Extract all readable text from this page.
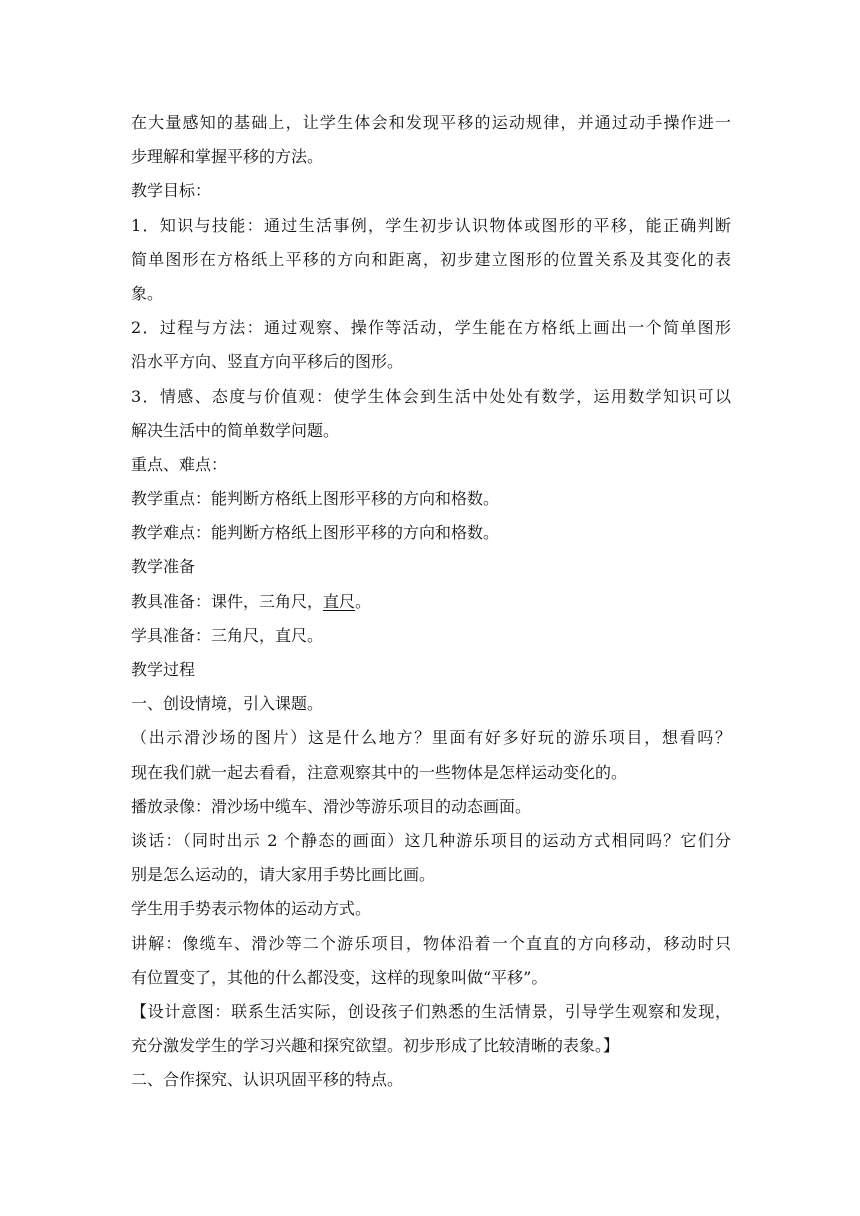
在大量感知的基础上，让学生体会和发现平移的运动规律，并通过动手操作进一
步理解和掌握平移的方法。
教学目标：
1．知识与技能：通过生活事例，学生初步认识物体或图形的平移，能正确判断
简单图形在方格纸上平移的方向和距离，初步建立图形的位置关系及其变化的表
象。
2．过程与方法：通过观察、操作等活动，学生能在方格纸上画出一个简单图形
沿水平方向、竖直方向平移后的图形。
3．情感、态度与价值观：使学生体会到生活中处处有数学，运用数学知识可以
解决生活中的简单数学问题。
重点、难点：
教学重点：能判断方格纸上图形平移的方向和格数。
教学难点：能判断方格纸上图形平移的方向和格数。
教学准备
教具准备：课件，三角尺，直尺。
学具准备：三角尺，直尺。
教学过程
一、创设情境，引入课题。
（出示滑沙场的图片）这是什么地方？里面有好多好玩的游乐项目，想看吗？
现在我们就一起去看看，注意观察其中的一些物体是怎样运动变化的。
播放录像：滑沙场中缆车、滑沙等游乐项目的动态画面。
谈话：（同时出示 2 个静态的画面）这几种游乐项目的运动方式相同吗？它们分
别是怎么运动的，请大家用手势比画比画。
学生用手势表示物体的运动方式。
讲解：像缆车、滑沙等二个游乐项目，物体沿着一个直直的方向移动，移动时只
有位置变了，其他的什么都没变，这样的现象叫做“平移”。
【设计意图：联系生活实际，创设孩子们熟悉的生活情景，引导学生观察和发现，
充分激发学生的学习兴趣和探究欲望。初步形成了比较清晰的表象。】
二、合作探究、认识巩固平移的特点。
